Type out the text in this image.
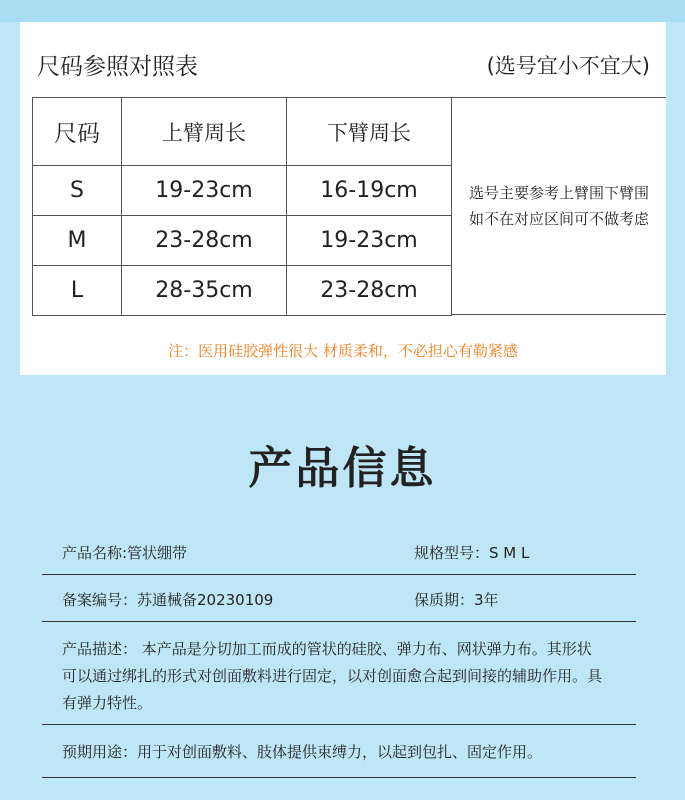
尺码参照对照表	(选号宜小不宜大)
尺码	上臂周长	下臂周长
S	19-23cm	16-19cm
M	23-28cm	19-23cm
L	28-35cm	23-28cm
选号主要参考上臂围下臂围如不在对应区间可不做考虑
注：医用硅胶弹性很大 材质柔和，不必担心有勒紧感
产品信息
产品名称:管状绷带	规格型号：S M L
备案编号：苏通械备20230109	保质期：3年
产品描述： 本产品是分切加工而成的管状的硅胶、弹力布、网状弹力布。其形状可以通过绑扎的形式对创面敷料进行固定，以对创面愈合起到间接的辅助作用。具有弹力特性。
预期用途：用于对创面敷料、肢体提供束缚力，以起到包扎、固定作用。
